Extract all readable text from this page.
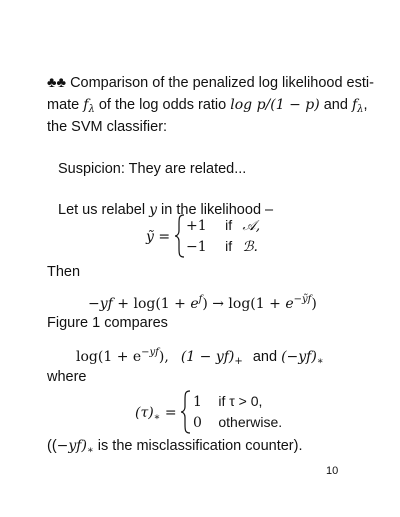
♣♣ Comparison of the penalized log likelihood esti-
mate $f_\lambda$ of the log odds ratio log p/(1 − p) and $f_\lambda$,
the SVM classifier:
Suspicion: They are related...
Let us relabel y in the likelihood –
ỹ =
+1 if 𝒜,
−1 if ℬ.
Then
$-yf + \log(1 + e^f) \to \log(1 + e^{-ỹf})$
Figure 1 compares
$\log(1 + e^{-yf})$, $(1 - yf)_+$ and $(-yf)_∗$
where
$(\tau)_∗$ =
1 if τ > 0,
0 otherwise.
($(-yf)_∗$ is the misclassification counter).
10
